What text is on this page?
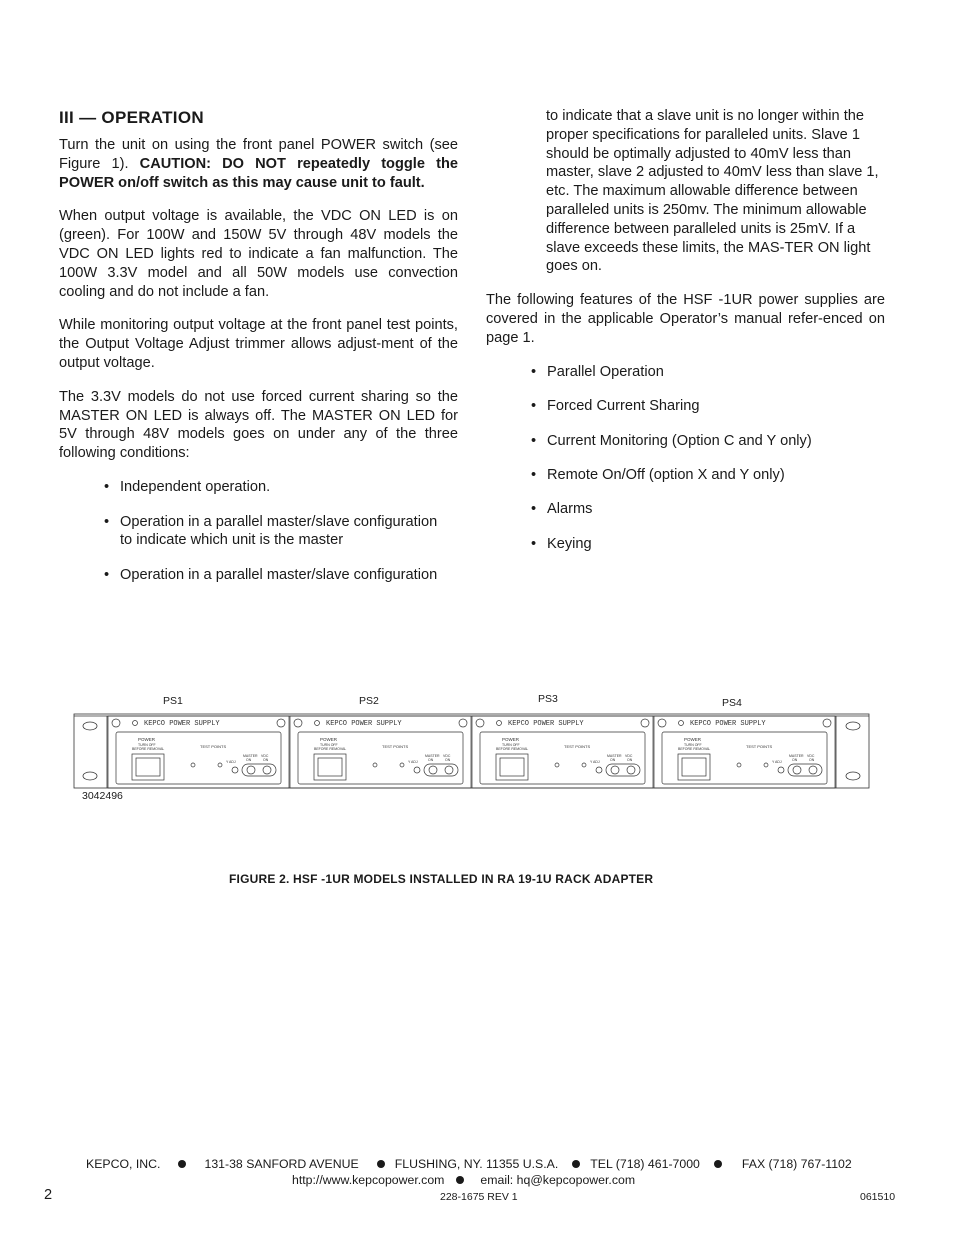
III — OPERATION

Turn the unit on using the front panel POWER switch (see Figure 1). CAUTION: DO NOT repeatedly toggle the POWER on/off switch as this may cause unit to fault.

When output voltage is available, the VDC ON LED is on (green). For 100W and 150W 5V through 48V models the VDC ON LED lights red to indicate a fan malfunction. The 100W 3.3V model and all 50W models use convection cooling and do not include a fan.

While monitoring output voltage at the front panel test points, the Output Voltage Adjust trimmer allows adjust-ment of the output voltage.

The 3.3V models do not use forced current sharing so the MASTER ON LED is always off. The MASTER ON LED for 5V through 48V models goes on under any of the three following conditions:

• Independent operation.
• Operation in a parallel master/slave configuration
to indicate which unit is the master
• Operation in a parallel master/slave configuration

to indicate that a slave unit is no longer within the proper specifications for paralleled units. Slave 1 should be optimally adjusted to 40mV less than master, slave 2 adjusted to 40mV less than slave 1, etc. The maximum allowable difference between paralleled units is 250mv. The minimum allowable difference between paralleled units is 25mV. If a slave exceeds these limits, the MAS-TER ON light goes on.

The following features of the HSF -1UR power supplies are covered in the applicable Operator’s manual refer-enced on page 1.

• Parallel Operation
• Forced Current Sharing
• Current Monitoring (Option C and Y only)
• Remote On/Off (option X and Y only)
• Alarms
• Keying
PS1	PS2	PS3	PS4
KEPCO POWER SUPPLY
POWER
TURN OFF
BEFORE REMOVAL	TEST POINTS
Y ADJ
MASTER VDC
ON	ON
KEPCO POWER SUPPLY
POWER
TURN OFF
BEFORE REMOVAL	TEST POINTS
Y ADJ
MASTER VDC
ON	ON
KEPCO POWER SUPPLY
POWER
TURN OFF
BEFORE REMOVAL	TEST POINTS
Y ADJ
MASTER VDC
ON	ON
KEPCO POWER SUPPLY
POWER
TURN OFF
BEFORE REMOVAL	TEST POINTS
Y ADJ
MASTER VDC
ON	ON
3042496
FIGURE 2. HSF -1UR MODELS INSTALLED IN RA 19-1U RACK ADAPTER
KEPCO, INC.	131-38 SANFORD AVENUE	FLUSHING, NY. 11355 U.S.A.	TEL (718) 461-7000	FAX (718) 767-1102
http://www.kepcopower.com	email: hq@kepcopower.com
2	228-1675 REV 1	061510
